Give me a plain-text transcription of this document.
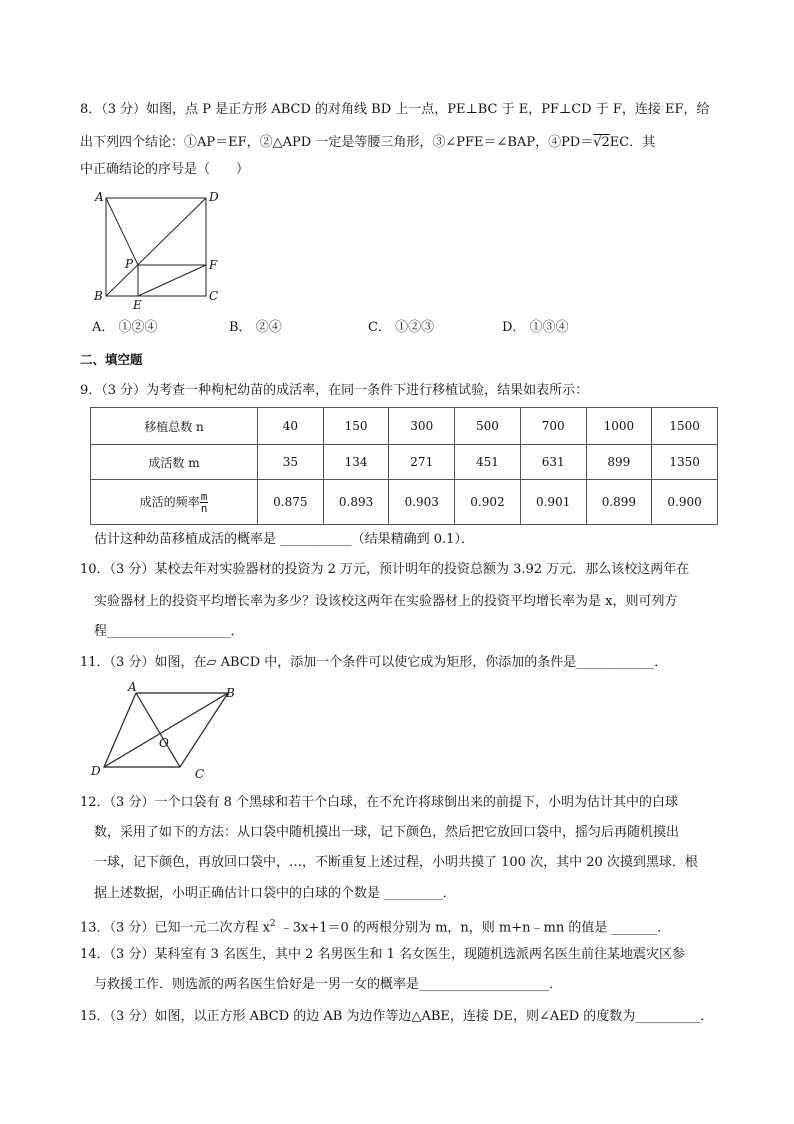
8．（3 分）如图，点 P 是正方形 ABCD 的对角线 BD 上一点，PE⊥BC 于 E，PF⊥CD 于 F，连接 EF，给
出下列四个结论：①AP＝EF，②△APD 一定是等腰三角形，③∠PFE＝∠BAP，④PD＝√2EC．其
中正确结论的序号是（　　）
A	D
P	F
B
E
C
A． ①②④	B． ②④	C． ①②③	D． ①③④
二、填空题
9．（3 分）为考查一种枸杞幼苗的成活率，在同一条件下进行移植试验，结果如表所示：
移植总数 n	40	150	300	500	700	1000	1500
成活数 m	35	134	271	451	631	899	1350
成活的频率 $\frac{m}{n}$	0.875	0.893	0.903	0.902	0.901	0.899	0.900
估计这种幼苗移植成活的概率是 ___________（结果精确到 0.1）．
10．（3 分）某校去年对实验器材的投资为 2 万元，预计明年的投资总额为 3.92 万元．那么该校这两年在
实验器材上的投资平均增长率为多少？设该校这两年在实验器材上的投资平均增长率为是 x，则可列方
程___________________．
11．（3 分）如图，在▱ ABCD 中，添加一个条件可以使它成为矩形，你添加的条件是____________．
A	B
O
D	C
12．（3 分）一个口袋有 8 个黑球和若干个白球，在不允许将球倒出来的前提下，小明为估计其中的白球
数，采用了如下的方法：从口袋中随机摸出一球，记下颜色，然后把它放回口袋中，摇匀后再随机摸出
一球，记下颜色，再放回口袋中，…，不断重复上述过程，小明共摸了 100 次，其中 20 次摸到黑球．根
据上述数据，小明正确估计口袋中的白球的个数是 _________．
13．（3 分）已知一元二次方程 $x^2$ ﹣3x+1＝0 的两根分别为 m，n，则 m+n﹣mn 的值是 _______．
14．（3 分）某科室有 3 名医生，其中 2 名男医生和 1 名女医生，现随机选派两名医生前往某地震灾区参
与救援工作．则选派的两名医生恰好是一男一女的概率是____________________．
15．（3 分）如图，以正方形 ABCD 的边 AB 为边作等边△ABE，连接 DE，则∠AED 的度数为__________．
